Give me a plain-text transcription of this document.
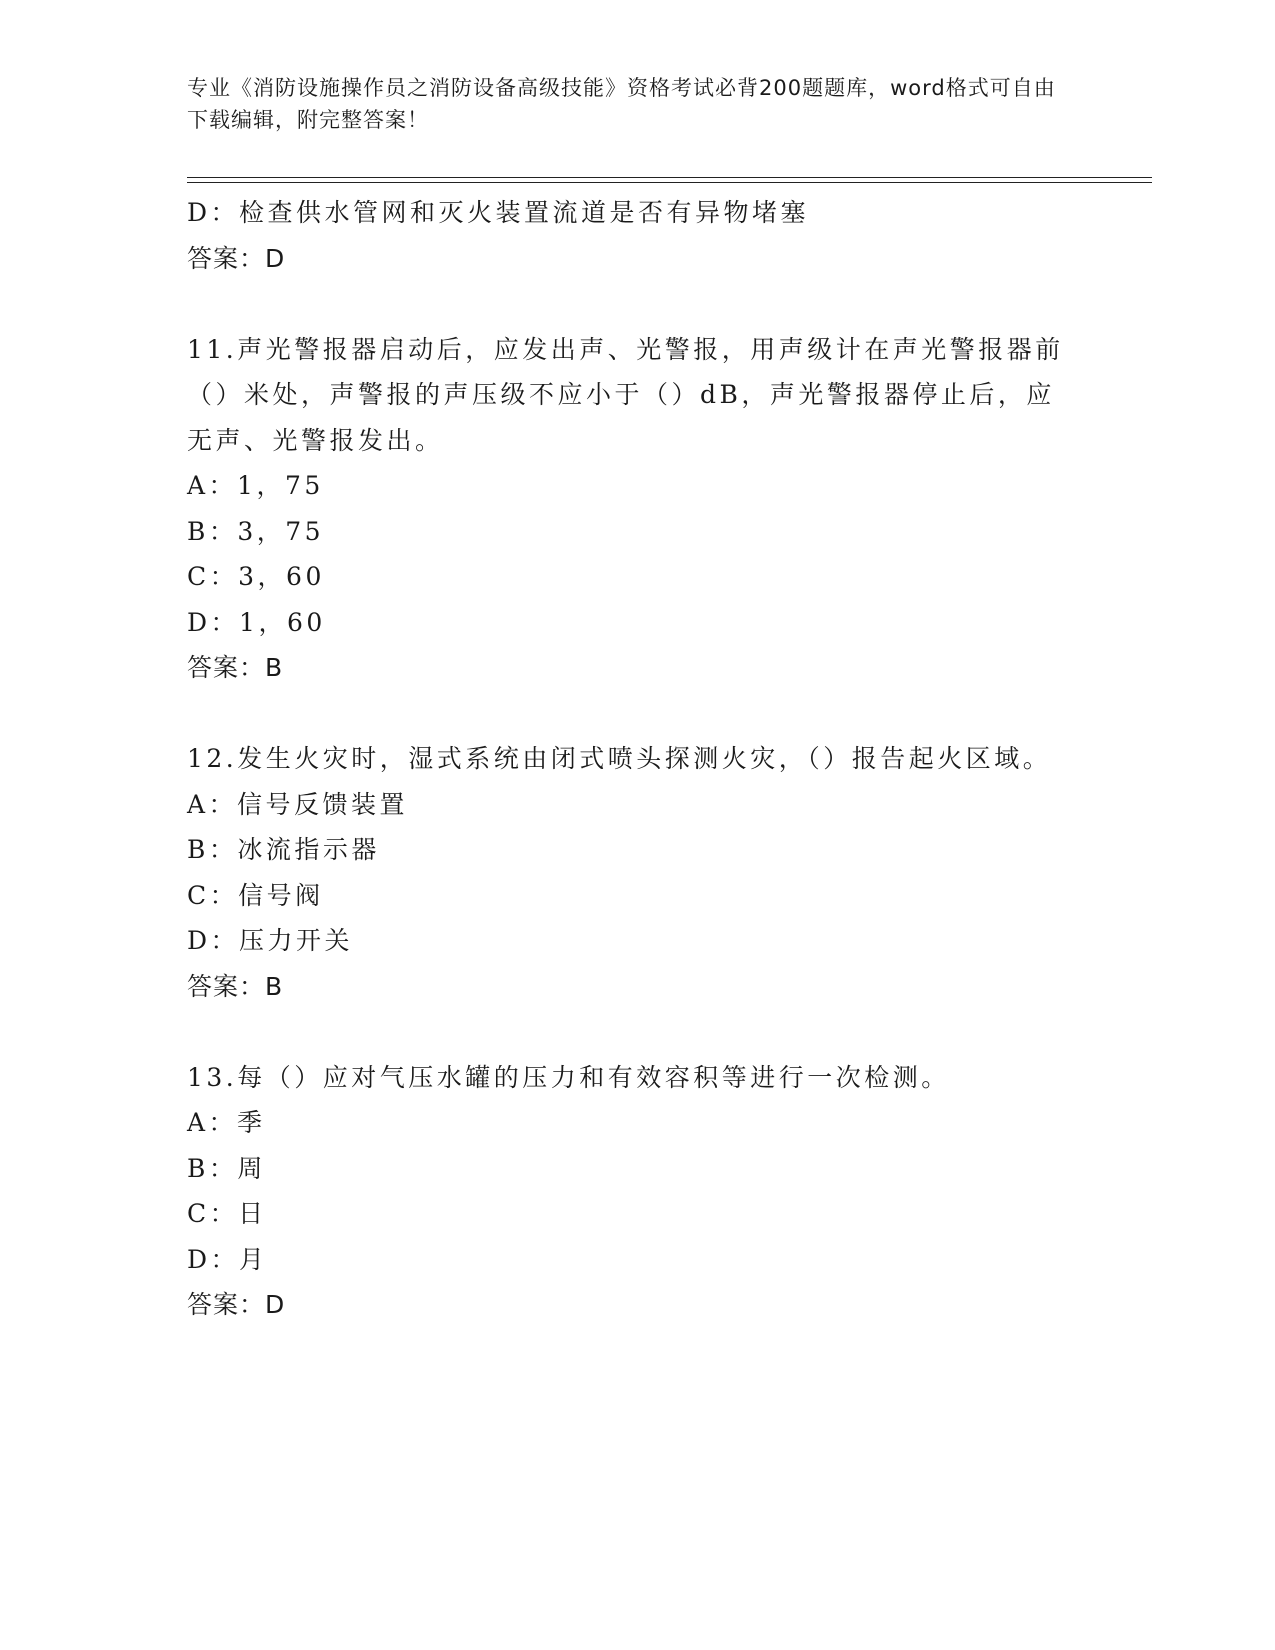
专业《消防设施操作员之消防设备高级技能》资格考试必背200题题库，word格式可自由下载编辑，附完整答案！
D：检查供水管网和灭火装置流道是否有异物堵塞
答案：D
11.声光警报器启动后，应发出声、光警报，用声级计在声光警报器前（）米处，声警报的声压级不应小于（）dB，声光警报器停止后，应无声、光警报发出。
A：1，75
B：3，75
C：3，60
D：1，60
答案：B
12.发生火灾时，湿式系统由闭式喷头探测火灾，（）报告起火区域。
A：信号反馈装置
B：冰流指示器
C：信号阀
D：压力开关
答案：B
13.每（）应对气压水罐的压力和有效容积等进行一次检测。
A：季
B：周
C：日
D：月
答案：D
